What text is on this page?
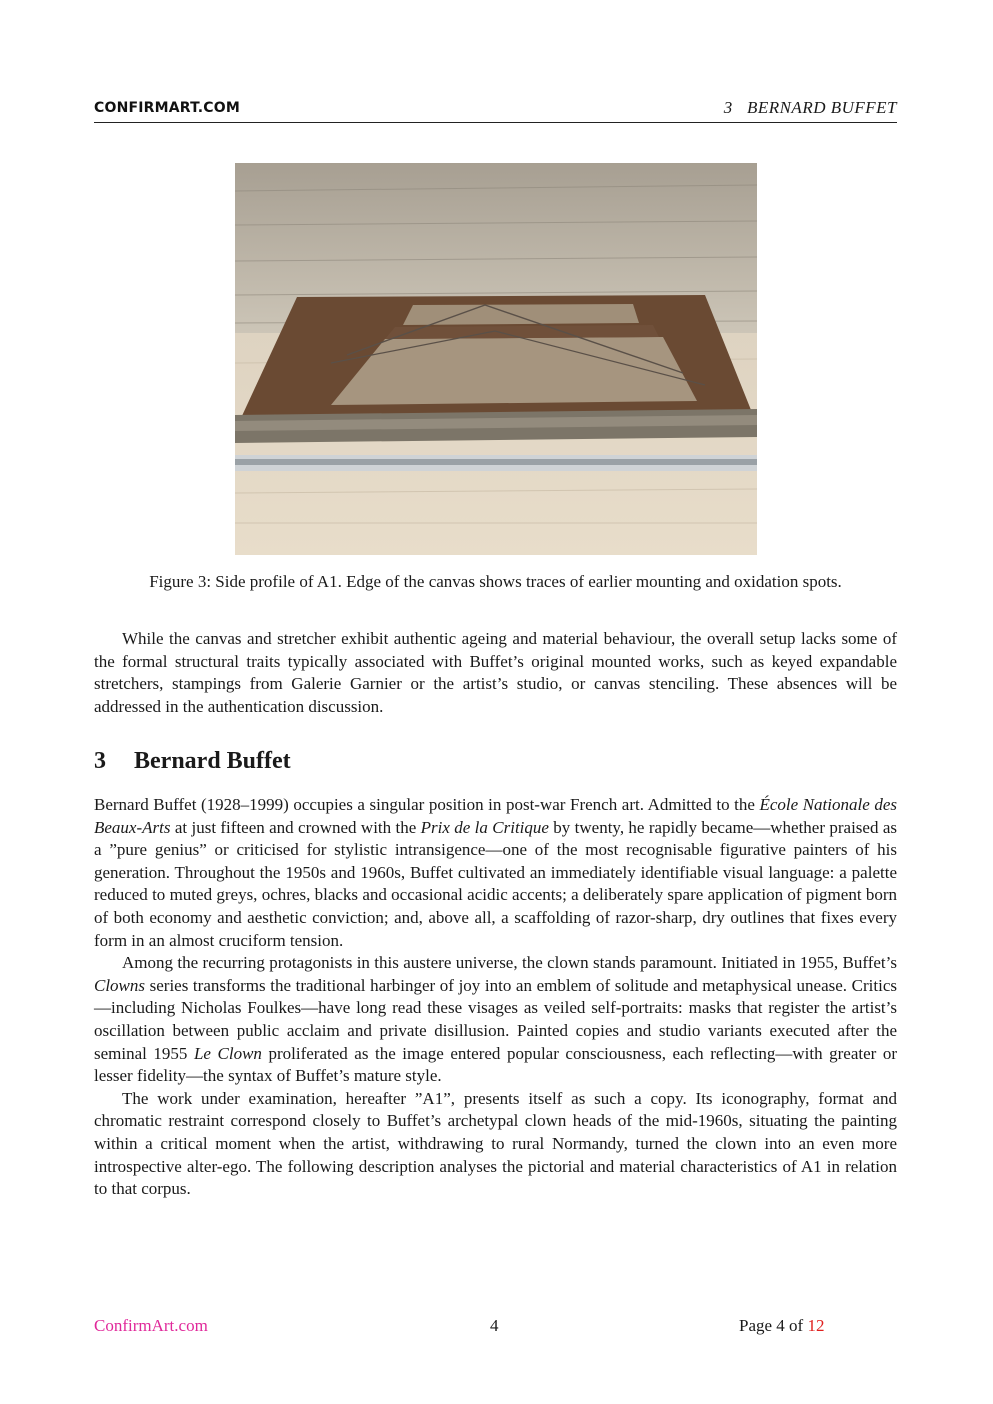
CONFIRMART.COM	3   BERNARD BUFFET
Figure 3: Side profile of A1. Edge of the canvas shows traces of earlier mounting and oxidation spots.

While the canvas and stretcher exhibit authentic ageing and material behaviour, the overall setup lacks some of the formal structural traits typically associated with Buffet’s original mounted works, such as keyed expandable stretchers, stampings from Galerie Garnier or the artist’s studio, or canvas stenciling. These absences will be addressed in the authentication discussion.

3 Bernard Buffet

Bernard Buffet (1928–1999) occupies a singular position in post-war French art. Admitted to the École Nationale des Beaux-Arts at just fifteen and crowned with the Prix de la Critique by twenty, he rapidly became—whether praised as a ”pure genius” or criticised for stylistic intransigence—one of the most recognisable figurative painters of his generation. Throughout the 1950s and 1960s, Buffet cultivated an immediately identifiable visual language: a palette reduced to muted greys, ochres, blacks and occasional acidic accents; a deliberately spare application of pigment born of both economy and aesthetic conviction; and, above all, a scaffolding of razor-sharp, dry outlines that fixes every form in an almost cruciform tension.

Among the recurring protagonists in this austere universe, the clown stands paramount. Initiated in 1955, Buffet’s Clowns series transforms the traditional harbinger of joy into an emblem of solitude and metaphysical unease. Critics—including Nicholas Foulkes—have long read these visages as veiled self-portraits: masks that register the artist’s oscillation between public acclaim and private disillusion. Painted copies and studio variants executed after the seminal 1955 Le Clown proliferated as the image entered popular consciousness, each reflecting—with greater or lesser fidelity—the syntax of Buffet’s mature style.

The work under examination, hereafter ”A1”, presents itself as such a copy. Its iconography, format and chromatic restraint correspond closely to Buffet’s archetypal clown heads of the mid-1960s, situating the painting within a critical moment when the artist, withdrawing to rural Normandy, turned the clown into an even more introspective alter-ego. The following description analyses the pictorial and material characteristics of A1 in relation to that corpus.

ConfirmArt.com	4	Page 4 of 12
